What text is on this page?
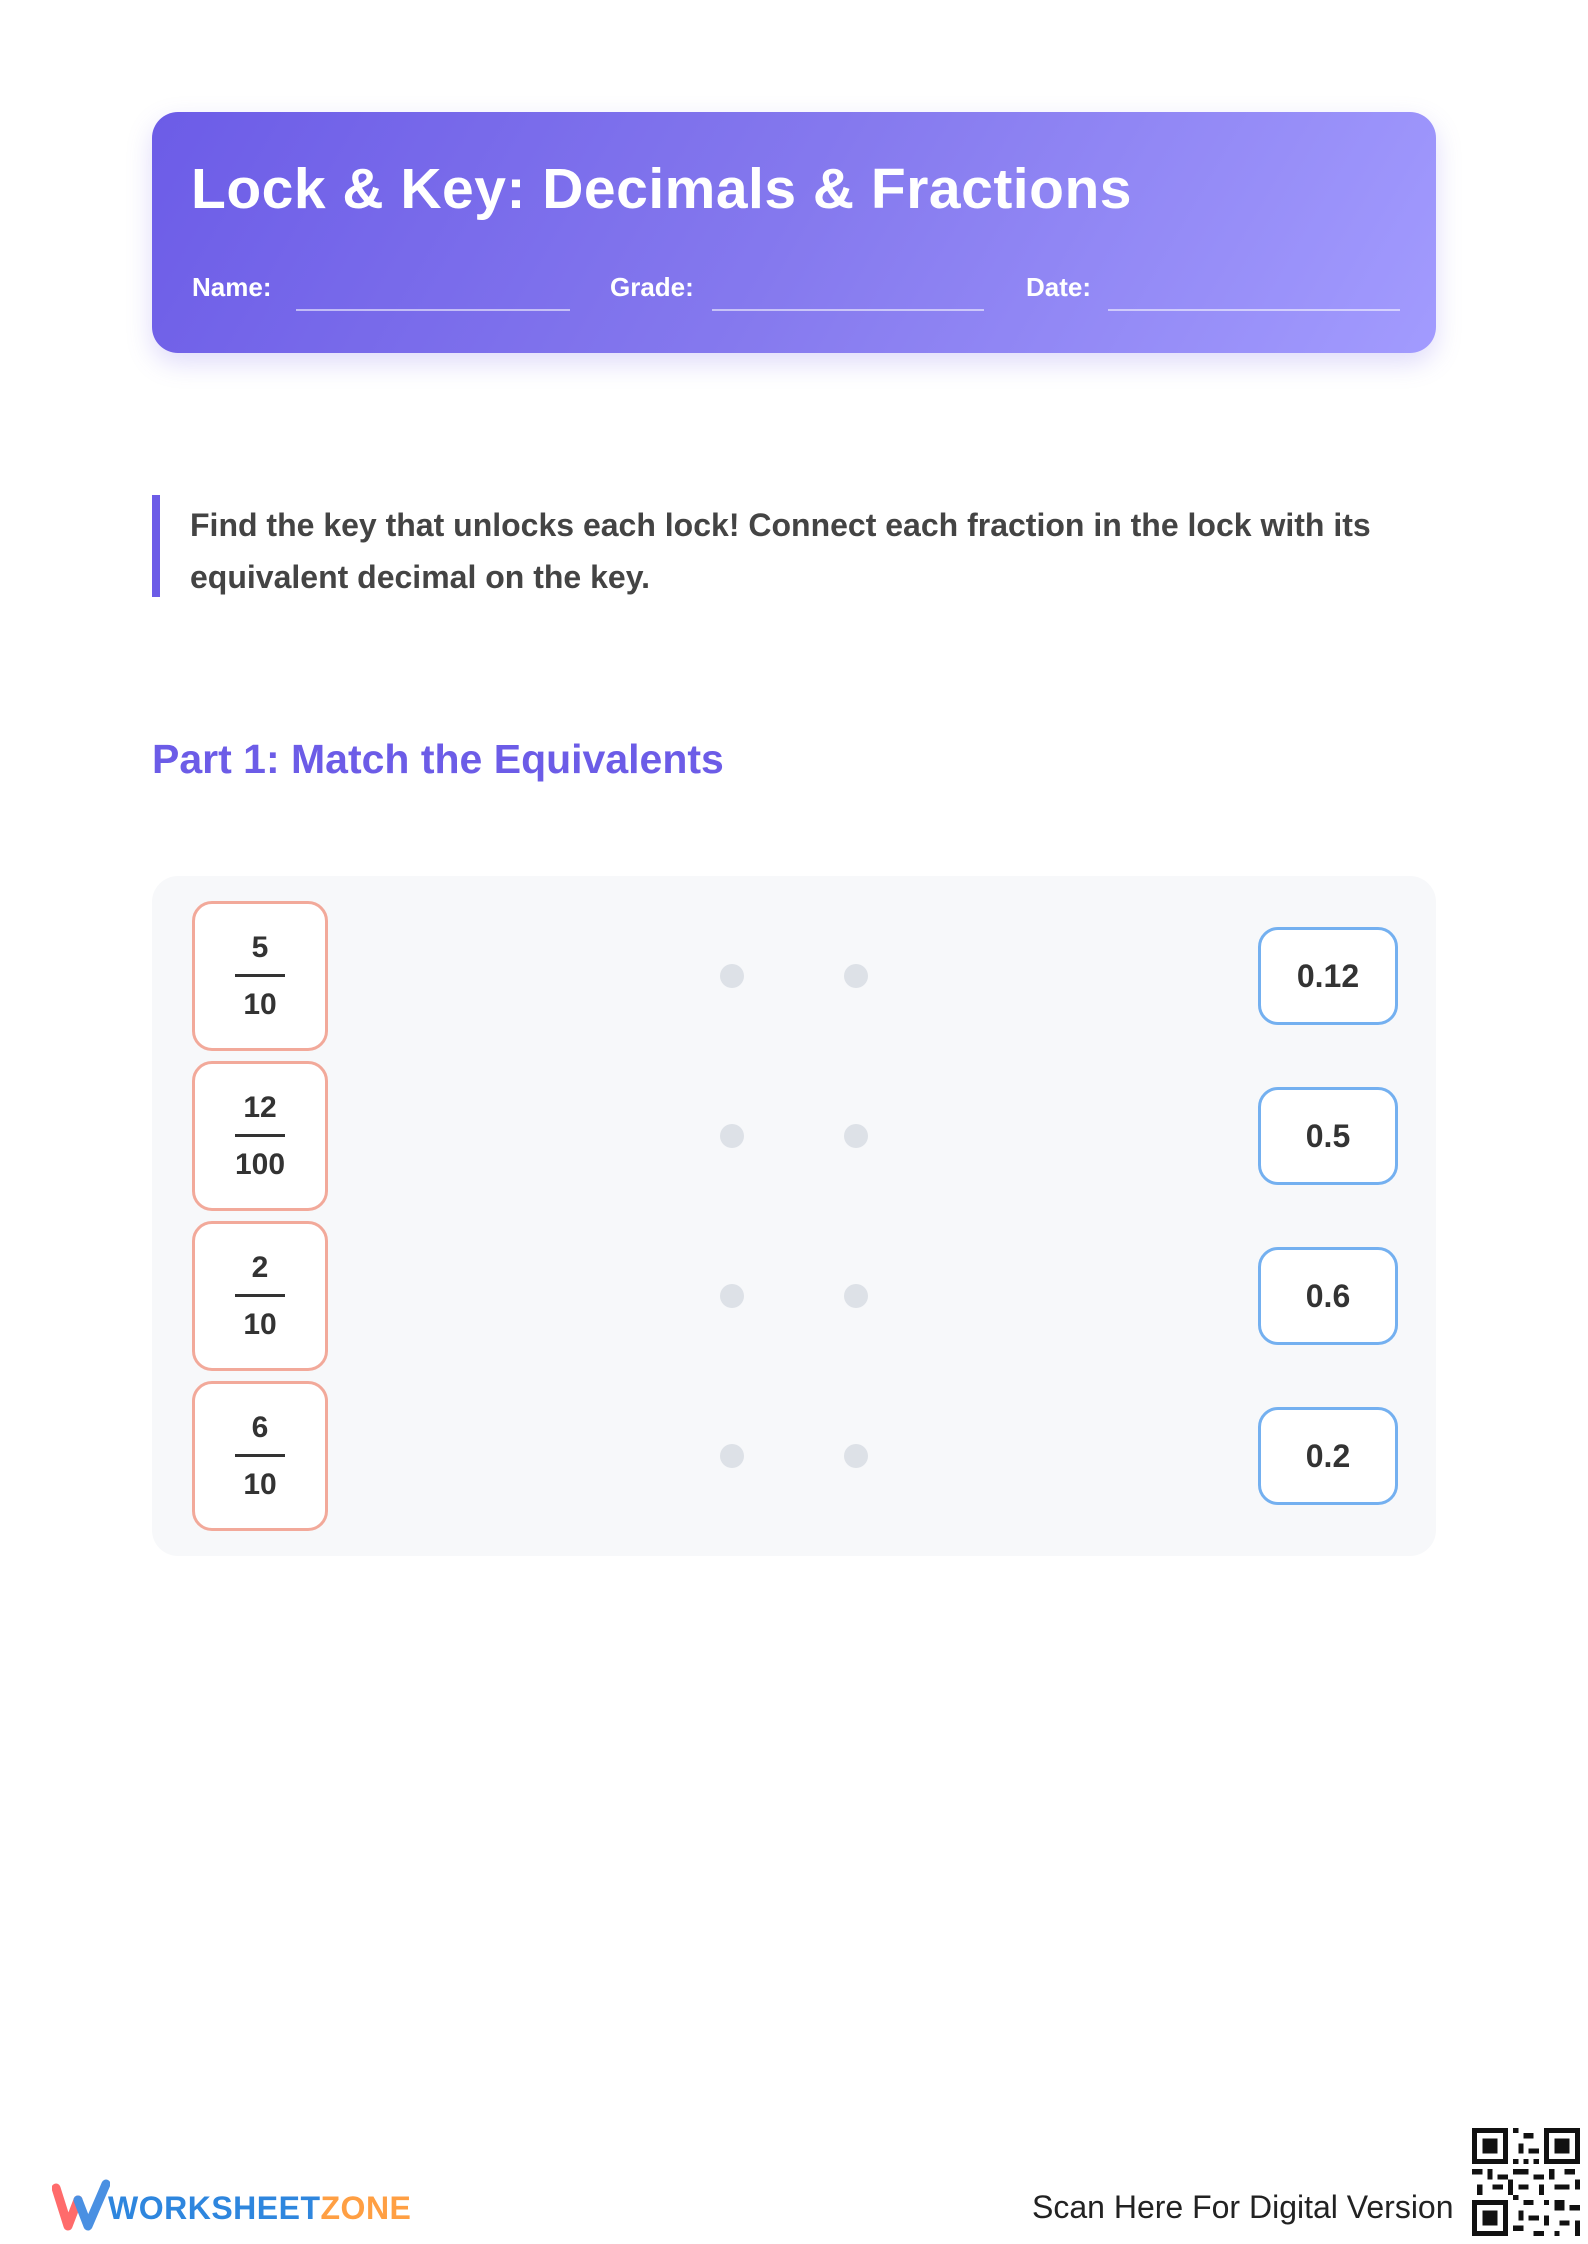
Lock & Key: Decimals & Fractions
Name:	Grade:	Date:
Find the key that unlocks each lock! Connect each fraction in the lock with its equivalent decimal on the key.
Part 1: Match the Equivalents
5
10
0.12
12
100
0.5
2
10
0.6
6
10
0.2
WORKSHEETZONE	Scan Here For Digital Version
